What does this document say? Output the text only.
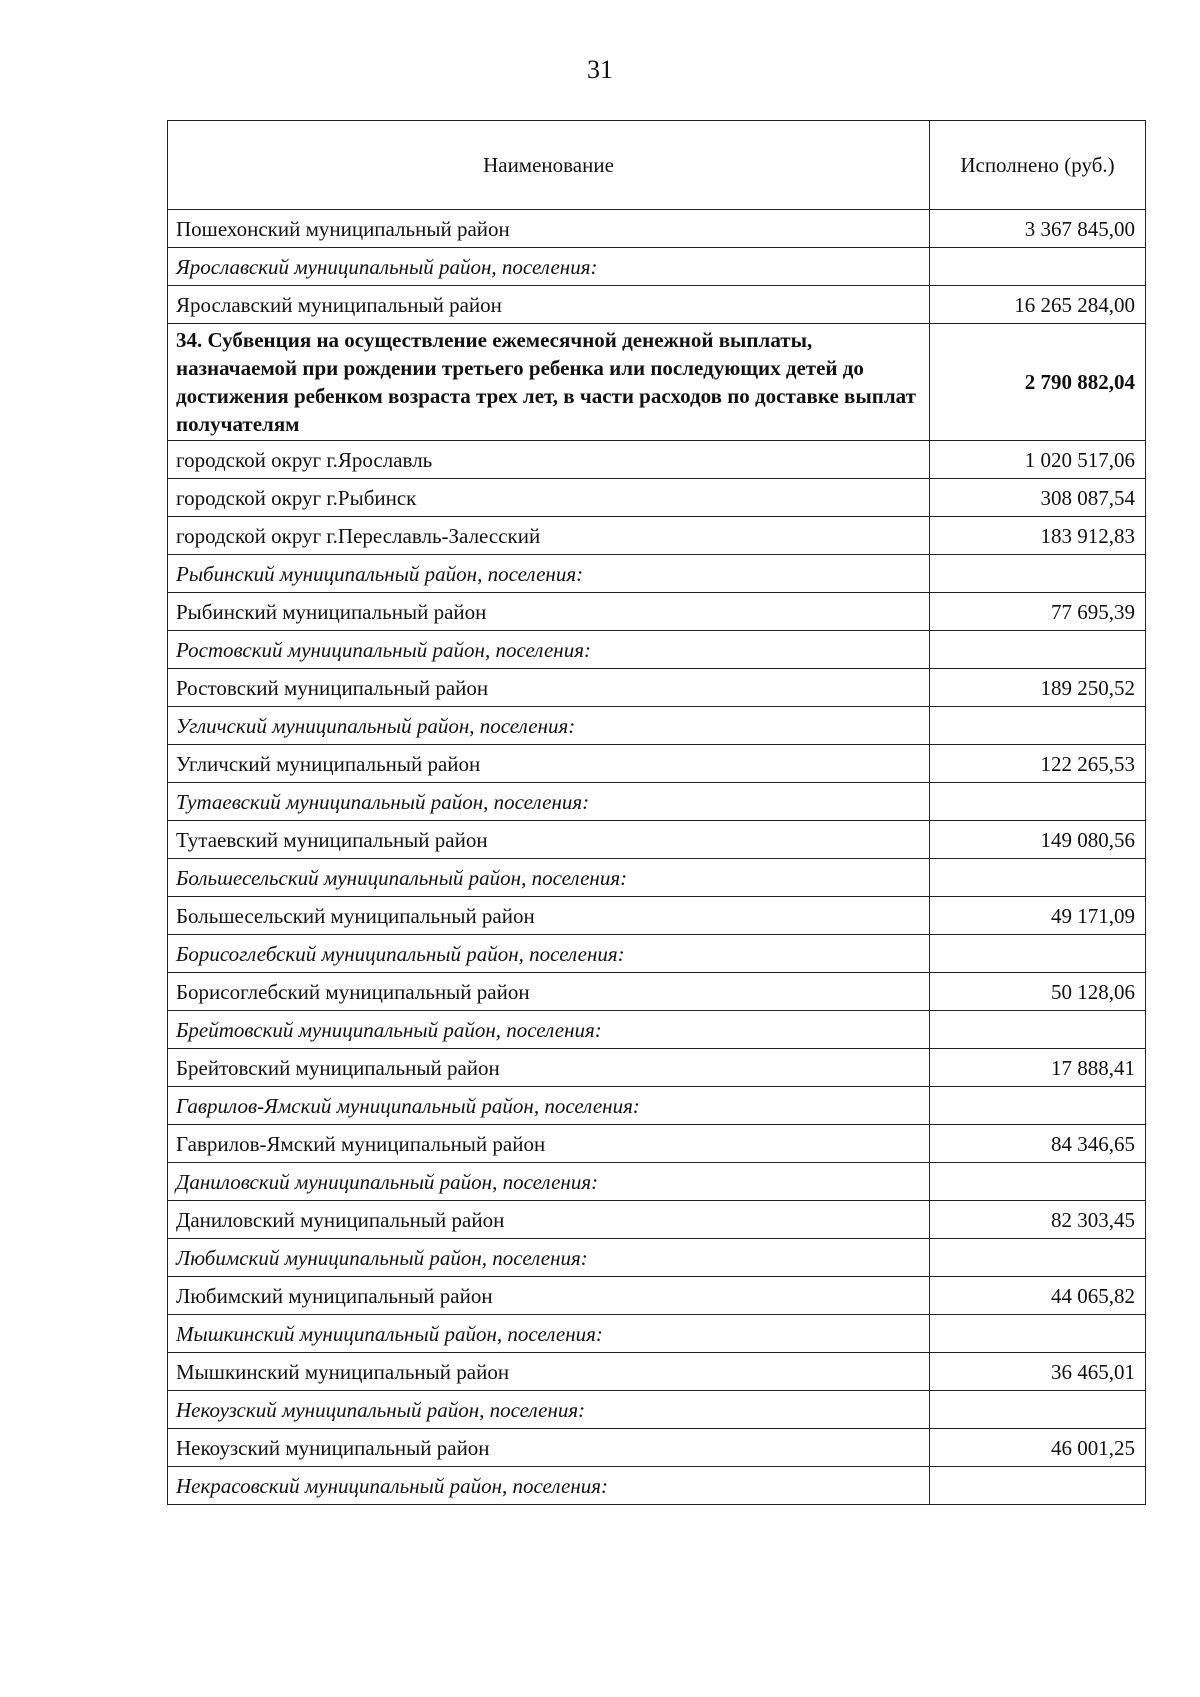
31
Наименование	Исполнено (руб.)
Пошехонский муниципальный район	3 367 845,00
Ярославский муниципальный район, поселения:	
Ярославский муниципальный район	16 265 284,00
34. Субвенция на осуществление ежемесячной денежной выплаты, назначаемой при рождении третьего ребенка или последующих детей до достижения ребенком возраста трех лет, в части расходов по доставке выплат получателям	2 790 882,04
городской округ г.Ярославль	1 020 517,06
городской округ г.Рыбинск	308 087,54
городской округ г.Переславль-Залесский	183 912,83
Рыбинский муниципальный район, поселения:	
Рыбинский муниципальный район	77 695,39
Ростовский муниципальный район, поселения:	
Ростовский муниципальный район	189 250,52
Угличский муниципальный район, поселения:	
Угличский муниципальный район	122 265,53
Тутаевский муниципальный район, поселения:	
Тутаевский муниципальный район	149 080,56
Большесельский муниципальный район, поселения:	
Большесельский муниципальный район	49 171,09
Борисоглебский муниципальный район, поселения:	
Борисоглебский муниципальный район	50 128,06
Брейтовский муниципальный район, поселения:	
Брейтовский муниципальный район	17 888,41
Гаврилов-Ямский муниципальный район, поселения:	
Гаврилов-Ямский муниципальный район	84 346,65
Даниловский муниципальный район, поселения:	
Даниловский муниципальный район	82 303,45
Любимский муниципальный район, поселения:	
Любимский муниципальный район	44 065,82
Мышкинский муниципальный район, поселения:	
Мышкинский муниципальный район	36 465,01
Некоузский муниципальный район, поселения:	
Некоузский муниципальный район	46 001,25
Некрасовский муниципальный район, поселения:	
